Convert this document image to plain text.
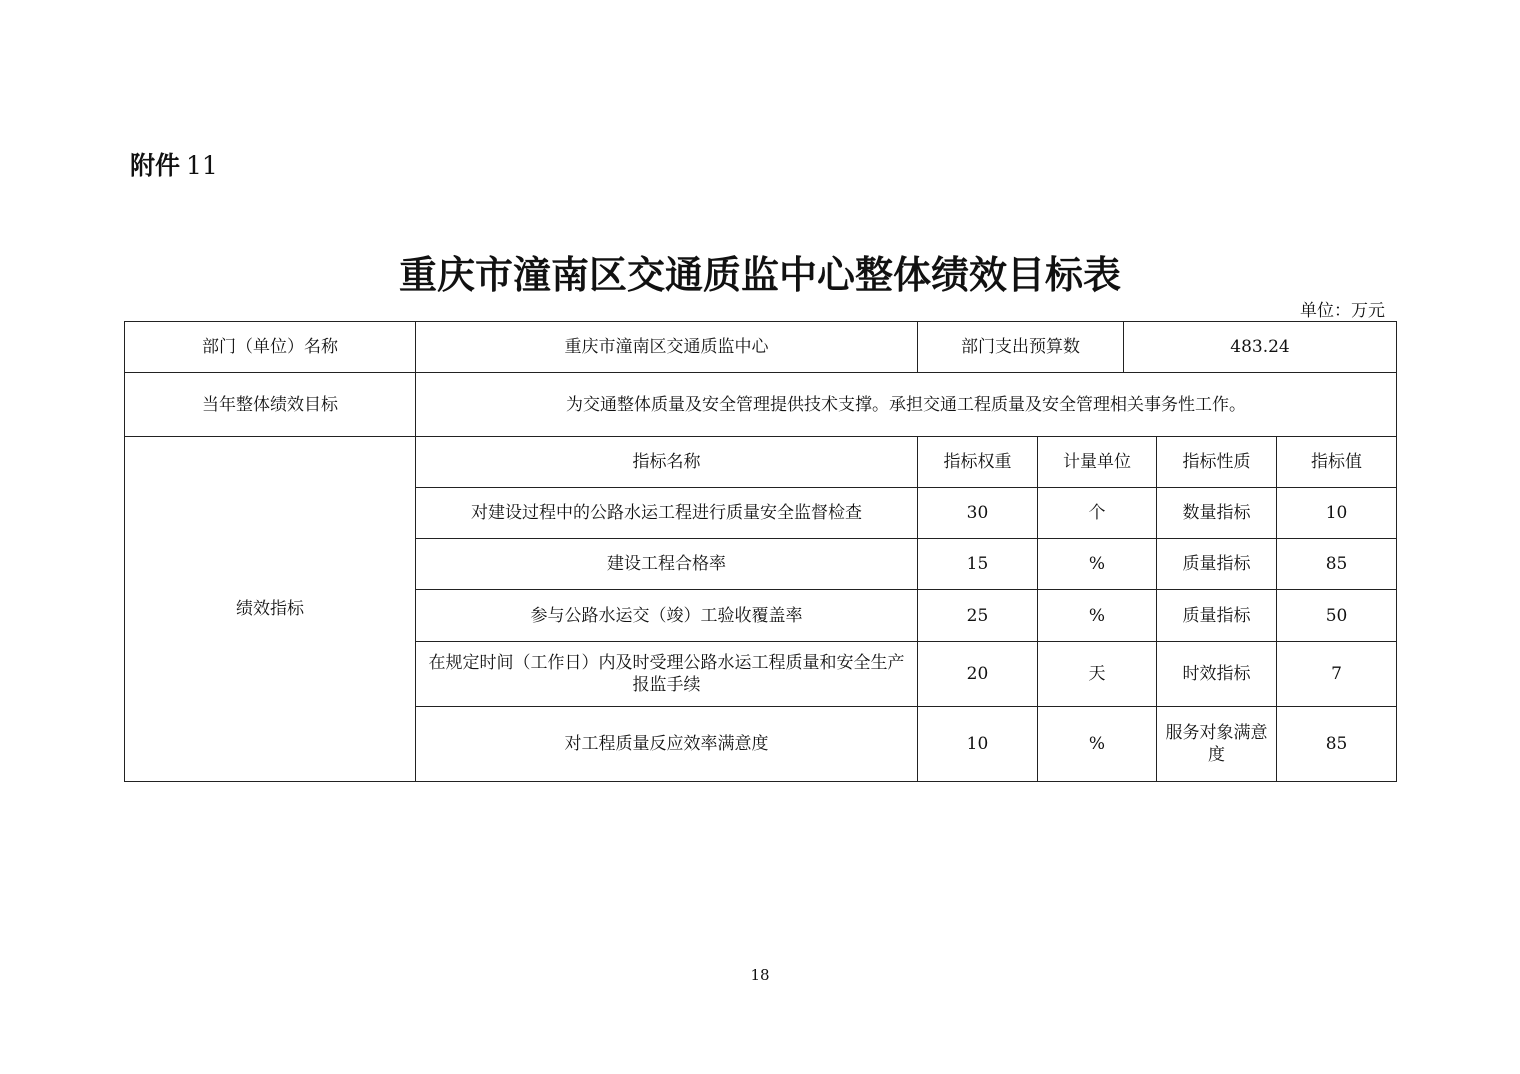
附件 11
重庆市潼南区交通质监中心整体绩效目标表
单位：万元
部门（单位）名称	重庆市潼南区交通质监中心	部门支出预算数		483.24		
当年整体绩效目标	为交通整体质量及安全管理提供技术支撑。承担交通工程质量及安全管理相关事务性工作。					
绩效指标	指标名称	指标权重	计量单位		指标性质	指标值
	对建设过程中的公路水运工程进行质量安全监督检查	30	个		数量指标	10
	建设工程合格率	15	%		质量指标	85
	参与公路水运交（竣）工验收覆盖率	25	%		质量指标	50
	在规定时间（工作日）内及时受理公路水运工程质量和安全生产报监手续	20	天		时效指标	7
	对工程质量反应效率满意度	10	%		服务对象满意度	85
18
